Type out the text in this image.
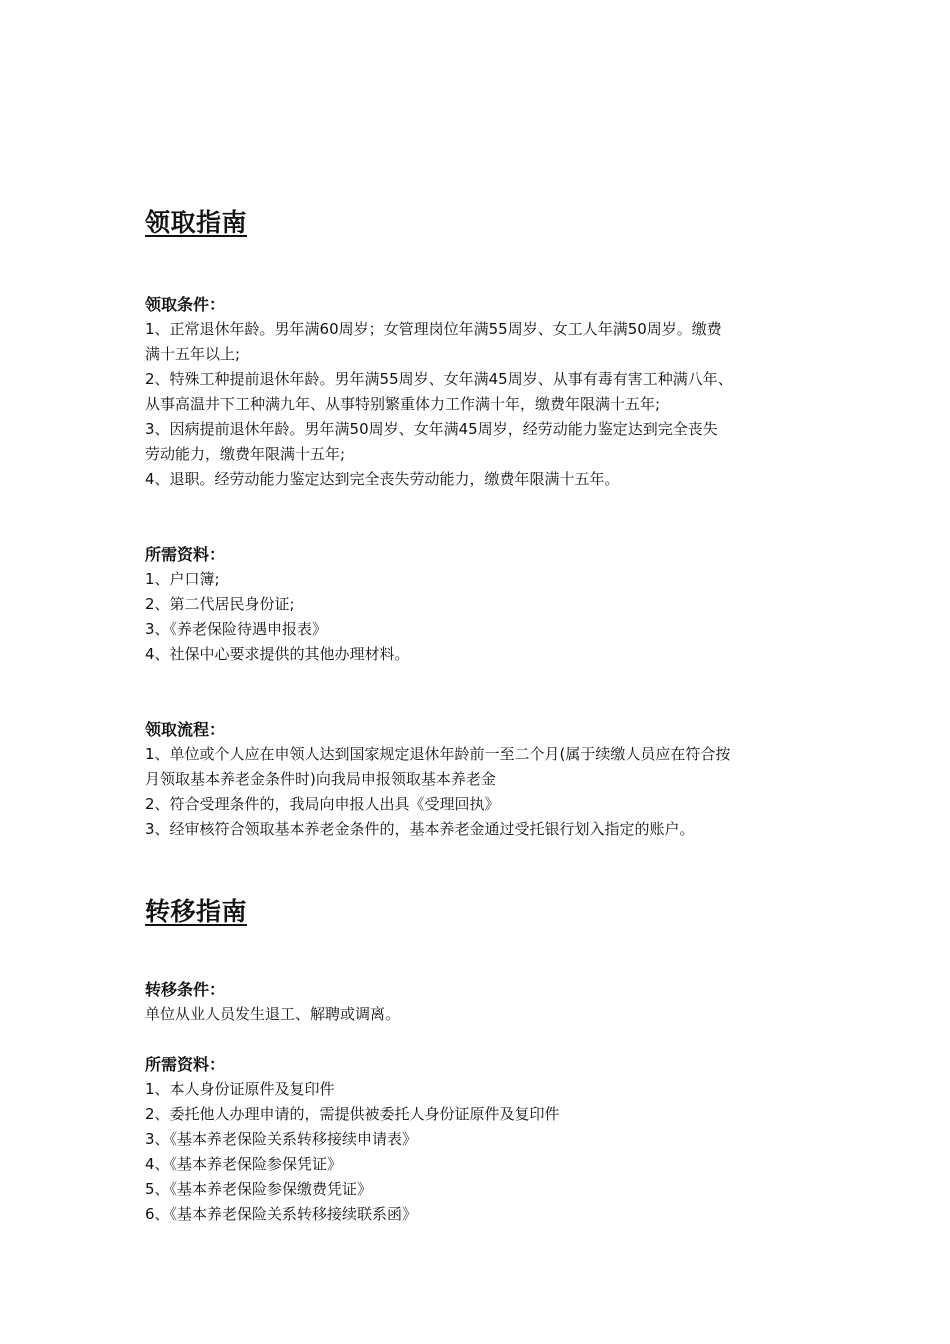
领取指南
领取条件：
1、正常退休年龄。男年满60周岁；女管理岗位年满55周岁、女工人年满50周岁。缴费
满十五年以上;
2、特殊工种提前退休年龄。男年满55周岁、女年满45周岁、从事有毒有害工种满八年、
从事高温井下工种满九年、从事特别繁重体力工作满十年，缴费年限满十五年;
3、因病提前退休年龄。男年满50周岁、女年满45周岁，经劳动能力鉴定达到完全丧失
劳动能力，缴费年限满十五年;
4、退职。经劳动能力鉴定达到完全丧失劳动能力，缴费年限满十五年。
所需资料：
1、户口簿;
2、第二代居民身份证;
3、《养老保险待遇申报表》
4、社保中心要求提供的其他办理材料。
领取流程：
1、单位或个人应在申领人达到国家规定退休年龄前一至二个月(属于续缴人员应在符合按
月领取基本养老金条件时)向我局申报领取基本养老金
2、符合受理条件的，我局向申报人出具《受理回执》
3、经审核符合领取基本养老金条件的，基本养老金通过受托银行划入指定的账户。
转移指南
转移条件：
单位从业人员发生退工、解聘或调离。
所需资料：
1、本人身份证原件及复印件
2、委托他人办理申请的，需提供被委托人身份证原件及复印件
3、《基本养老保险关系转移接续申请表》
4、《基本养老保险参保凭证》
5、《基本养老保险参保缴费凭证》
6、《基本养老保险关系转移接续联系函》
